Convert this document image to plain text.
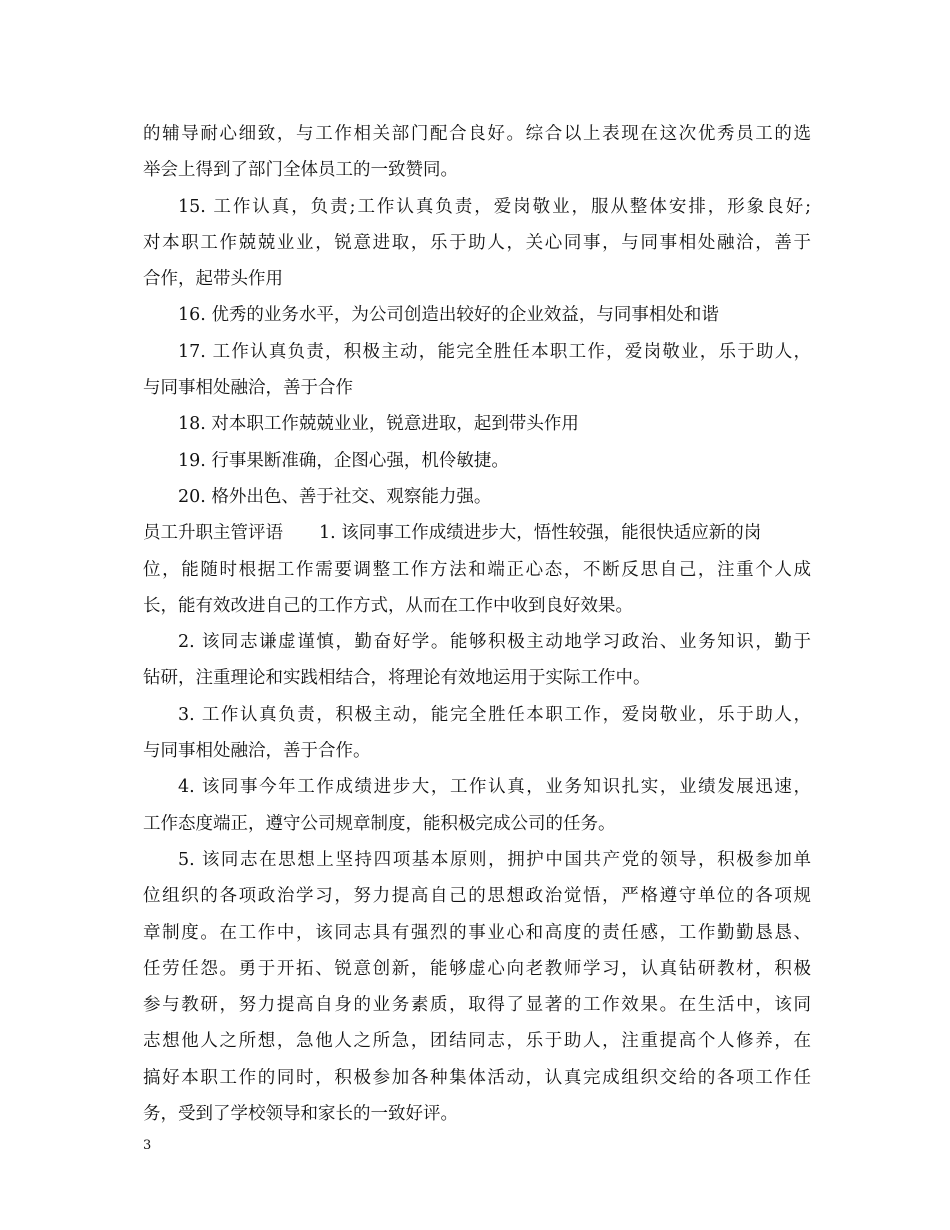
的辅导耐心细致，与工作相关部门配合良好。综合以上表现在这次优秀员工的选
举会上得到了部门全体员工的一致赞同。
15. 工作认真，负责;工作认真负责，爱岗敬业，服从整体安排，形象良好;
对本职工作兢兢业业，锐意进取，乐于助人，关心同事，与同事相处融洽，善于
合作，起带头作用
16. 优秀的业务水平，为公司创造出较好的企业效益，与同事相处和谐
17. 工作认真负责，积极主动，能完全胜任本职工作，爱岗敬业，乐于助人，
与同事相处融洽，善于合作
18. 对本职工作兢兢业业，锐意进取，起到带头作用
19. 行事果断准确，企图心强，机伶敏捷。
20. 格外出色、善于社交、观察能力强。
员工升职主管评语 1. 该同事工作成绩进步大，悟性较强，能很快适应新的岗
位，能随时根据工作需要调整工作方法和端正心态，不断反思自己，注重个人成
长，能有效改进自己的工作方式，从而在工作中收到良好效果。
2. 该同志谦虚谨慎，勤奋好学。能够积极主动地学习政治、业务知识，勤于
钻研，注重理论和实践相结合，将理论有效地运用于实际工作中。
3. 工作认真负责，积极主动，能完全胜任本职工作，爱岗敬业，乐于助人，
与同事相处融洽，善于合作。
4. 该同事今年工作成绩进步大，工作认真，业务知识扎实，业绩发展迅速，
工作态度端正，遵守公司规章制度，能积极完成公司的任务。
5. 该同志在思想上坚持四项基本原则，拥护中国共产党的领导，积极参加单
位组织的各项政治学习，努力提高自己的思想政治觉悟，严格遵守单位的各项规
章制度。在工作中，该同志具有强烈的事业心和高度的责任感，工作勤勤恳恳、
任劳任怨。勇于开拓、锐意创新，能够虚心向老教师学习，认真钻研教材，积极
参与教研，努力提高自身的业务素质，取得了显著的工作效果。在生活中，该同
志想他人之所想，急他人之所急，团结同志，乐于助人，注重提高个人修养，在
搞好本职工作的同时，积极参加各种集体活动，认真完成组织交给的各项工作任
务，受到了学校领导和家长的一致好评。
3
